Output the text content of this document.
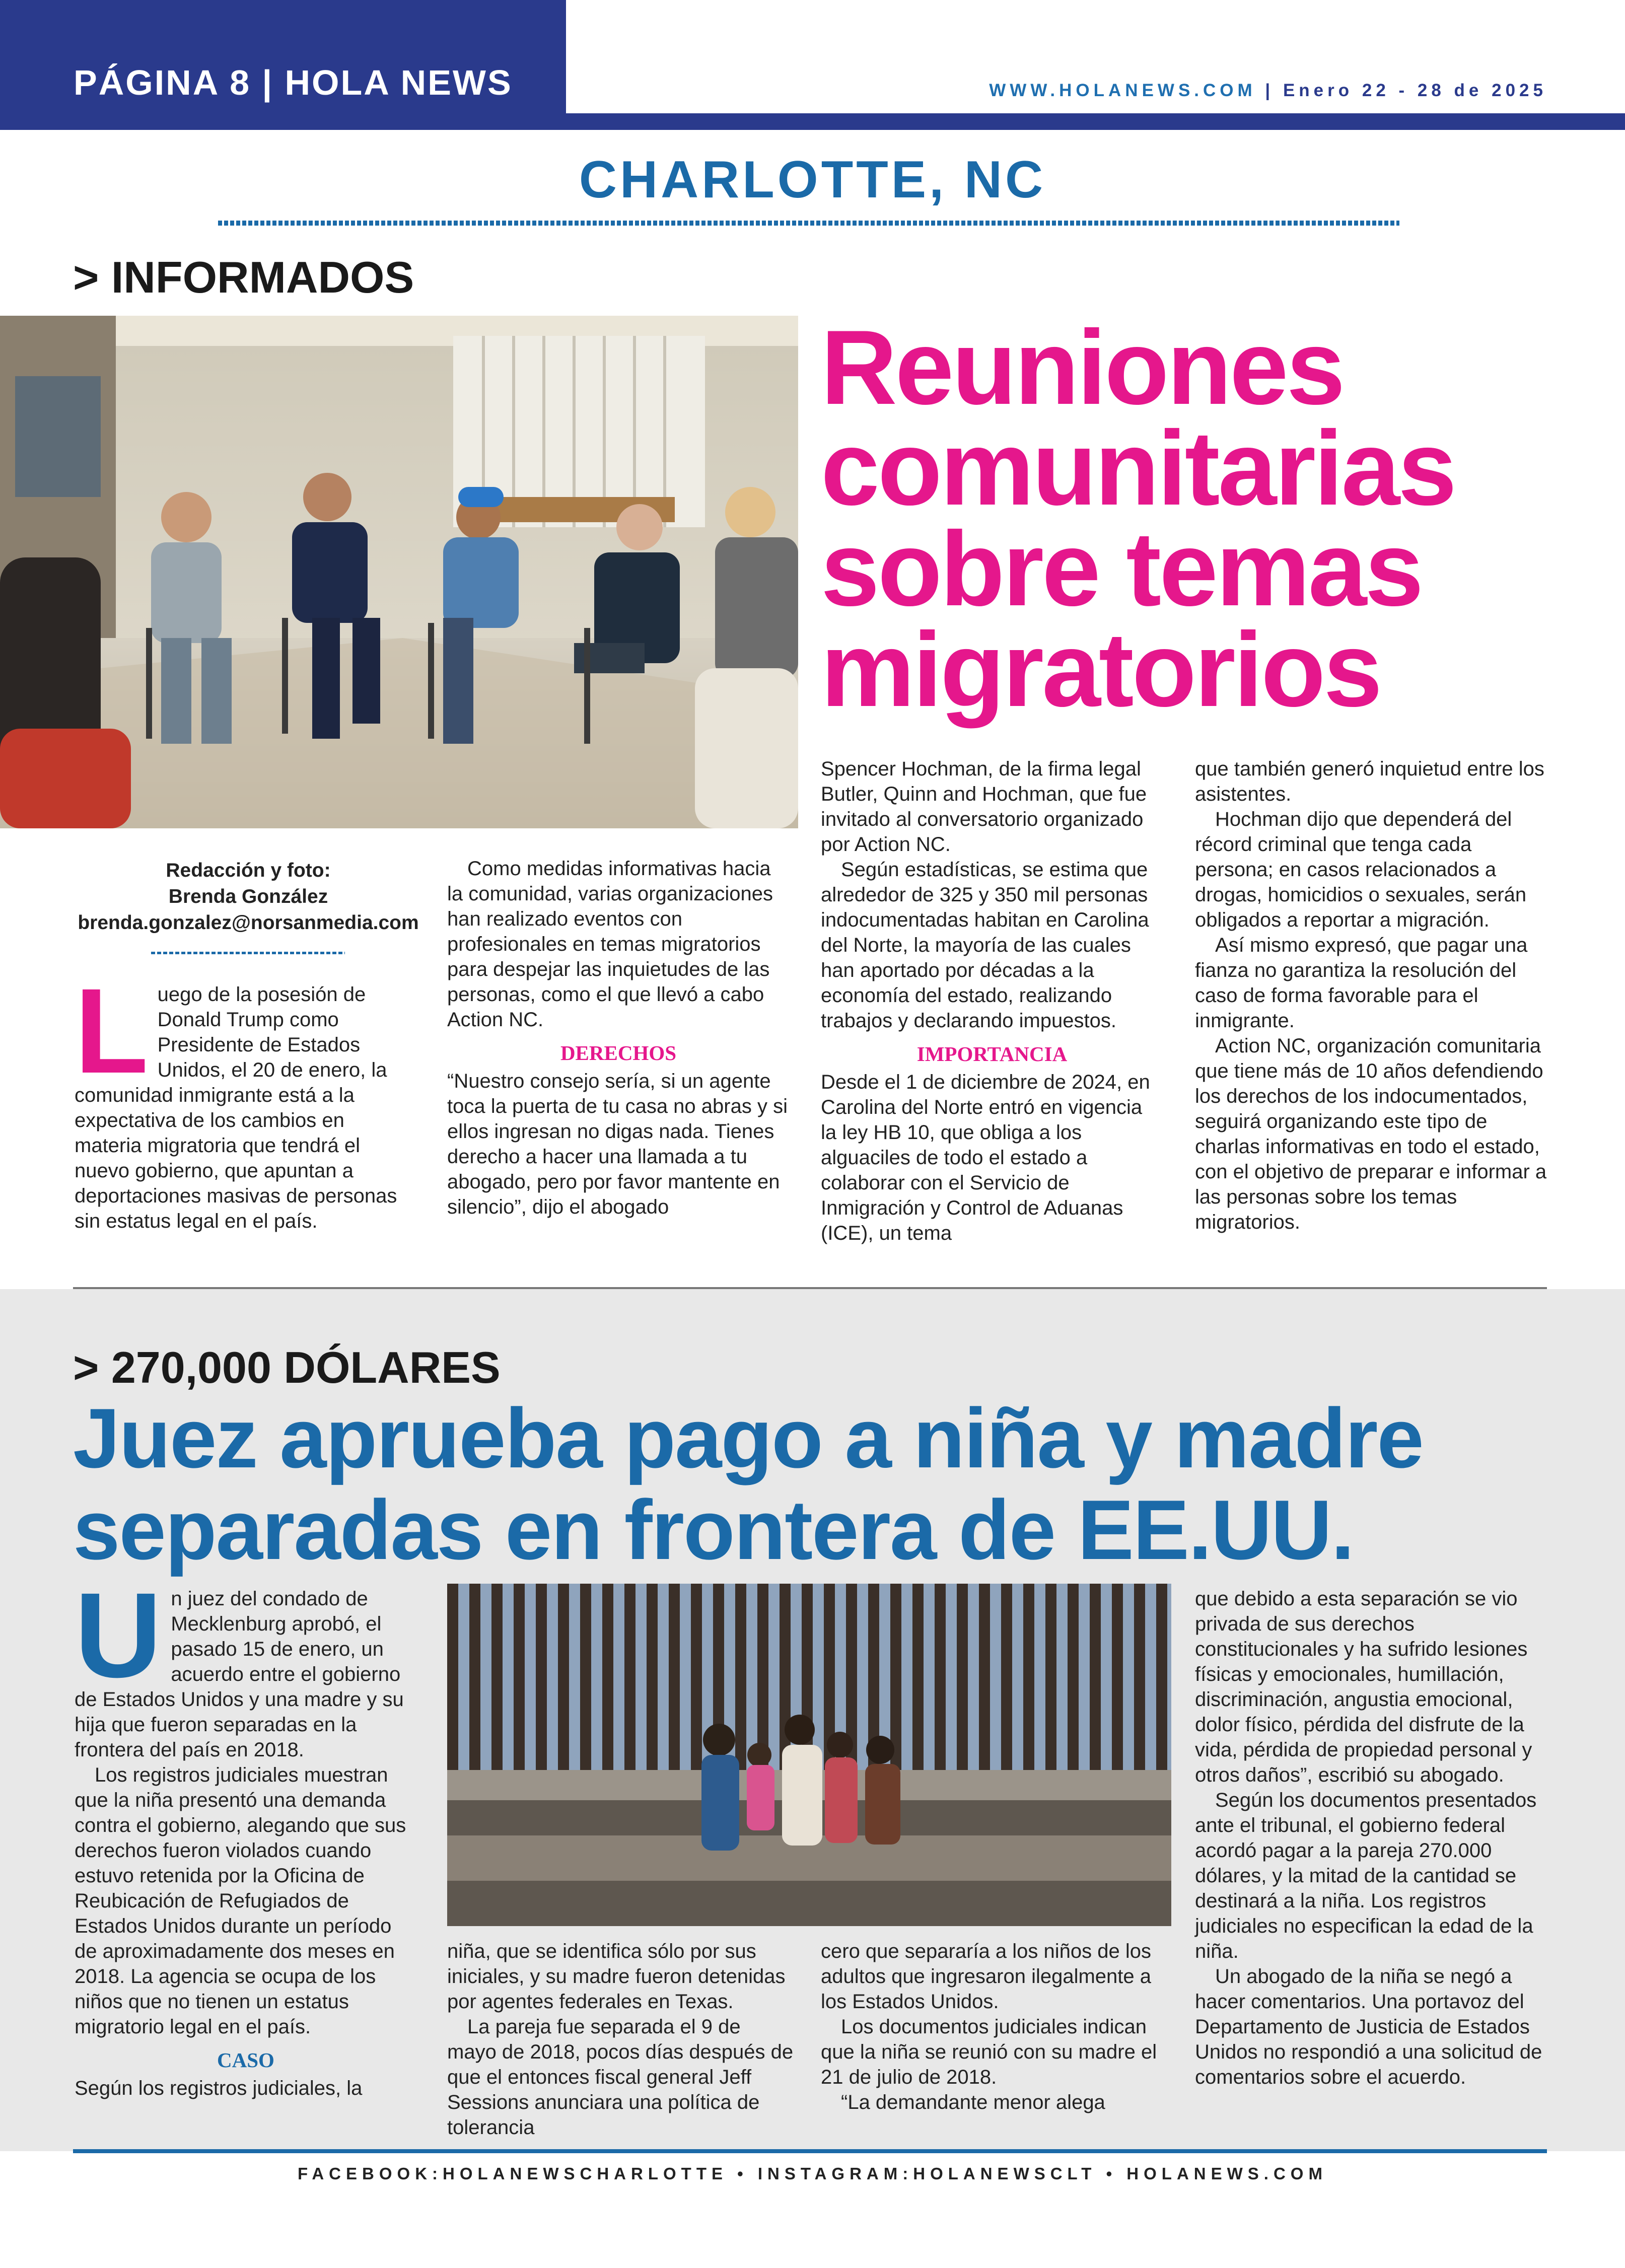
PÁGINA 8 | HOLA NEWS	WWW.HOLANEWS.COM | Enero 22 - 28 de 2025
CHARLOTTE, NC
> INFORMADOS
Reuniones comunitarias sobre temas migratorios
Redacción y foto:
Brenda González
brenda.gonzalez@norsanmedia.com

L uego de la posesión de Donald Trump como Presidente de Estados Unidos, el 20 de enero, la comunidad inmigrante está a la expectativa de los cambios en materia migratoria que tendrá el nuevo gobierno, que apuntan a deportaciones masivas de personas sin estatus legal en el país.

Como medidas informativas hacia la comunidad, varias organizaciones han realizado eventos con profesionales en temas migratorios para despejar las inquietudes de las personas, como el que llevó a cabo Action NC.

DERECHOS

“Nuestro consejo sería, si un agente toca la puerta de tu casa no abras y si ellos ingresan no digas nada. Tienes derecho a hacer una llamada a tu abogado, pero por favor mantente en silencio”, dijo el abogado

Spencer Hochman, de la firma legal Butler, Quinn and Hochman, que fue invitado al conversatorio organizado por Action NC.

Según estadísticas, se estima que alrededor de 325 y 350 mil personas indocumentadas habitan en Carolina del Norte, la mayoría de las cuales han aportado por décadas a la economía del estado, realizando trabajos y declarando impuestos.

IMPORTANCIA

Desde el 1 de diciembre de 2024, en Carolina del Norte entró en vigencia la ley HB 10, que obliga a los alguaciles de todo el estado a colaborar con el Servicio de Inmigración y Control de Aduanas (ICE), un tema

que también generó inquietud entre los asistentes.

Hochman dijo que dependerá del récord criminal que tenga cada persona; en casos relacionados a drogas, homicidios o sexuales, serán obligados a reportar a migración.

Así mismo expresó, que pagar una fianza no garantiza la resolución del caso de forma favorable para el inmigrante.

Action NC, organización comunitaria que tiene más de 10 años defendiendo los derechos de los indocumentados, seguirá organizando este tipo de charlas informativas en todo el estado, con el objetivo de preparar e informar a las personas sobre los temas migratorios.

> 270,000 DÓLARES
Juez aprueba pago a niña y madre separadas en frontera de EE.UU.

U n juez del condado de Mecklenburg aprobó, el pasado 15 de enero, un acuerdo entre el gobierno de Estados Unidos y una madre y su hija que fueron separadas en la frontera del país en 2018.

Los registros judiciales muestran que la niña presentó una demanda contra el gobierno, alegando que sus derechos fueron violados cuando estuvo retenida por la Oficina de Reubicación de Refugiados de Estados Unidos durante un período de aproximadamente dos meses en 2018. La agencia se ocupa de los niños que no tienen un estatus migratorio legal en el país.

CASO

Según los registros judiciales, la

niña, que se identifica sólo por sus iniciales, y su madre fueron detenidas por agentes federales en Texas.

La pareja fue separada el 9 de mayo de 2018, pocos días después de que el entonces fiscal general Jeff Sessions anunciara una política de tolerancia

cero que separaría a los niños de los adultos que ingresaron ilegalmente a los Estados Unidos.

Los documentos judiciales indican que la niña se reunió con su madre el 21 de julio de 2018.

“La demandante menor alega

que debido a esta separación se vio privada de sus derechos constitucionales y ha sufrido lesiones físicas y emocionales, humillación, discriminación, angustia emocional, dolor físico, pérdida del disfrute de la vida, pérdida de propiedad personal y otros daños”, escribió su abogado.

Según los documentos presentados ante el tribunal, el gobierno federal acordó pagar a la pareja 270.000 dólares, y la mitad de la cantidad se destinará a la niña. Los registros judiciales no especifican la edad de la niña.

Un abogado de la niña se negó a hacer comentarios. Una portavoz del Departamento de Justicia de Estados Unidos no respondió a una solicitud de comentarios sobre el acuerdo.

FACEBOOK:HOLANEWSCHARLOTTE • INSTAGRAM:HOLANEWSCLT • HOLANEWS.COM
